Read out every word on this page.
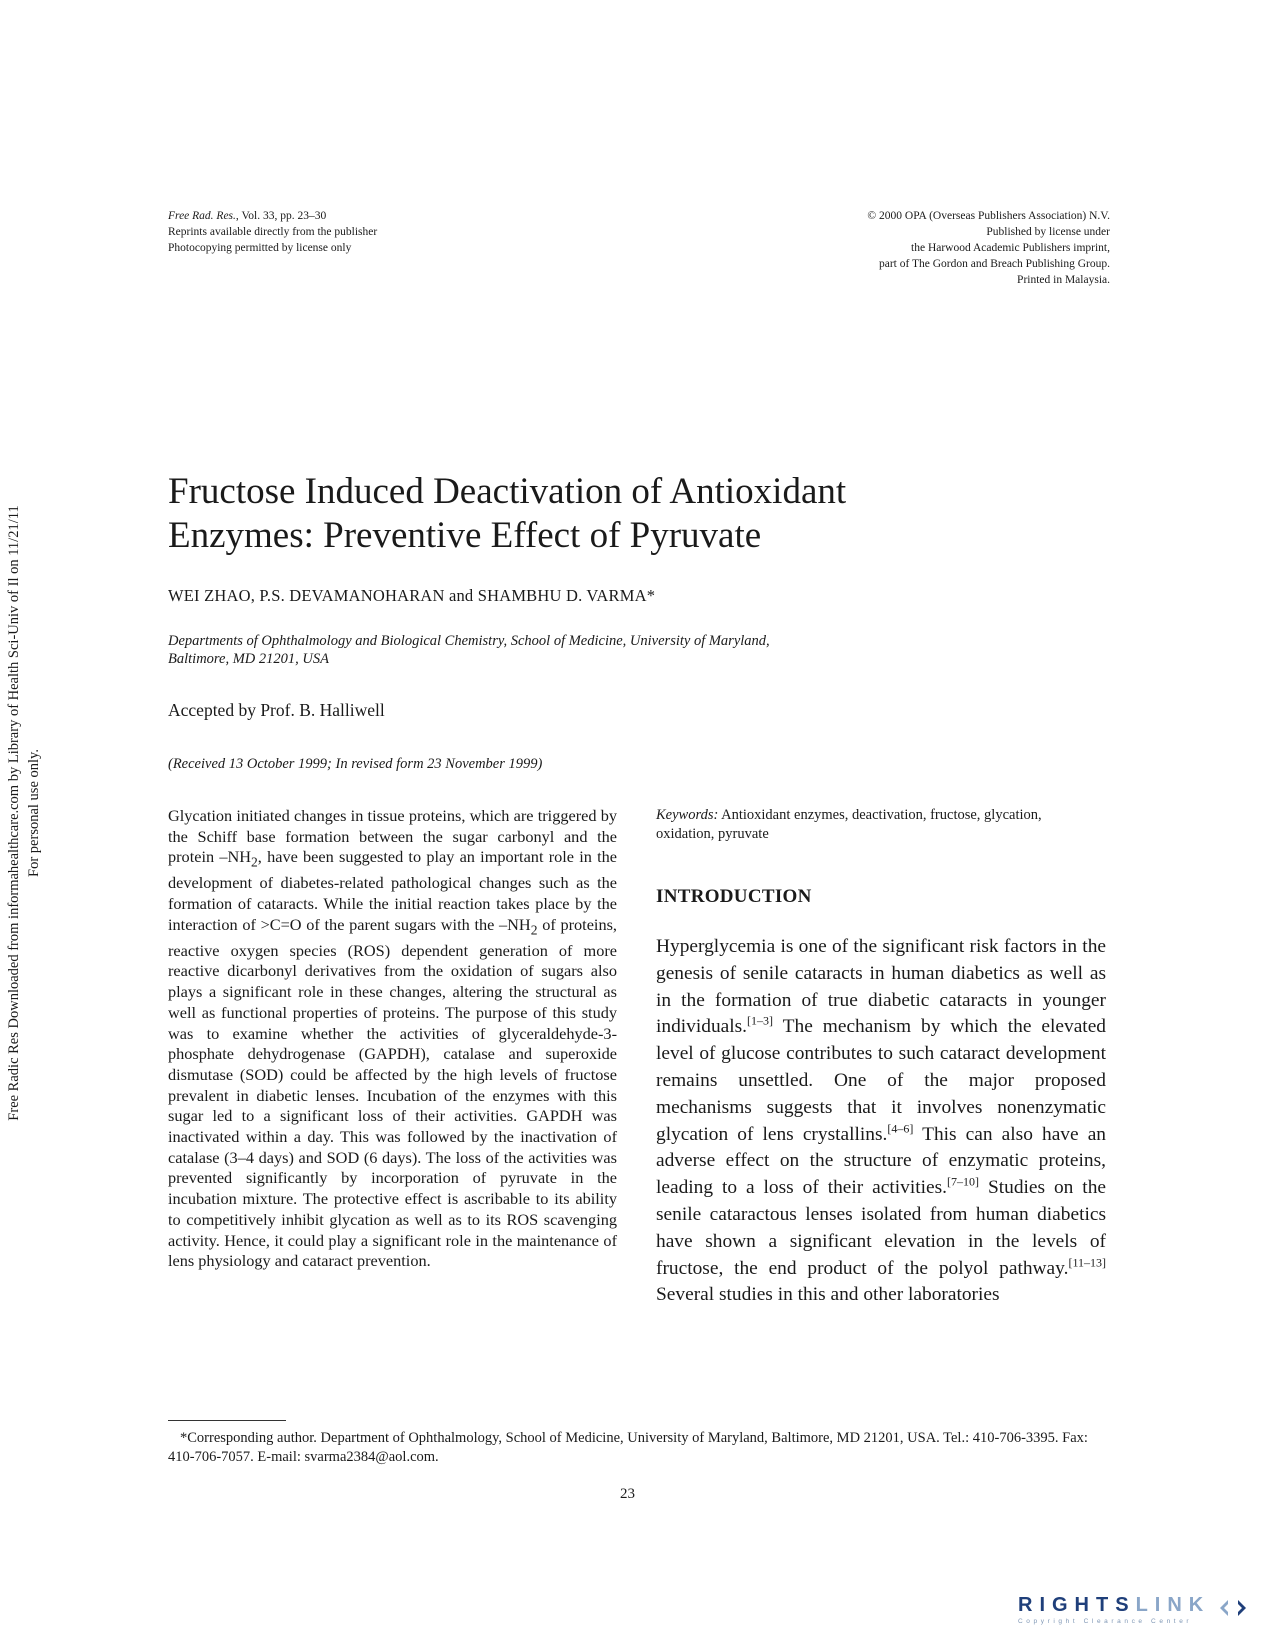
Free Rad. Res., Vol. 33, pp. 23–30
Reprints available directly from the publisher
Photocopying permitted by license only
© 2000 OPA (Overseas Publishers Association) N.V.
Published by license under
the Harwood Academic Publishers imprint,
part of The Gordon and Breach Publishing Group.
Printed in Malaysia.
Free Radic Res Downloaded from informahealthcare.com by Library of Health Sci-Univ of Il on 11/21/11 For personal use only.
Fructose Induced Deactivation of Antioxidant
Enzymes: Preventive Effect of Pyruvate
WEI ZHAO, P.S. DEVAMANOHARAN and SHAMBHU D. VARMA*
Departments of Ophthalmology and Biological Chemistry, School of Medicine, University of Maryland,
Baltimore, MD 21201, USA
Accepted by Prof. B. Halliwell
(Received 13 October 1999; In revised form 23 November 1999)
Glycation initiated changes in tissue proteins, which are triggered by the Schiff base formation between the sugar carbonyl and the protein $-NH_2$, have been suggested to play an important role in the development of diabetes-related pathological changes such as the formation of cataracts. While the initial reaction takes place by the interaction of >C=O of the parent sugars with the $-NH_2$ of proteins, reactive oxygen species (ROS) dependent generation of more reactive dicarbonyl derivatives from the oxidation of sugars also plays a significant role in these changes, altering the structural as well as functional properties of proteins. The purpose of this study was to examine whether the activities of glyceraldehyde-3-phosphate dehydrogenase (GAPDH), catalase and superoxide dismutase (SOD) could be affected by the high levels of fructose prevalent in diabetic lenses. Incubation of the enzymes with this sugar led to a significant loss of their activities. GAPDH was inactivated within a day. This was followed by the inactivation of catalase (3–4 days) and SOD (6 days). The loss of the activities was prevented significantly by incorporation of pyruvate in the incubation mixture. The protective effect is ascribable to its ability to competitively inhibit glycation as well as to its ROS scavenging activity. Hence, it could play a significant role in the maintenance of lens physiology and cataract prevention.
Keywords: Antioxidant enzymes, deactivation, fructose, glycation, oxidation, pyruvate
INTRODUCTION
Hyperglycemia is one of the significant risk factors in the genesis of senile cataracts in human diabetics as well as in the formation of true diabetic cataracts in younger individuals.[1–3] The mechanism by which the elevated level of glucose contributes to such cataract development remains unsettled. One of the major proposed mechanisms suggests that it involves nonenzymatic glycation of lens crystallins.[4–6] This can also have an adverse effect on the structure of enzymatic proteins, leading to a loss of their activities.[7–10] Studies on the senile cataractous lenses isolated from human diabetics have shown a significant elevation in the levels of fructose, the end product of the polyol pathway.[11–13] Several studies in this and other laboratories
*Corresponding author. Department of Ophthalmology, School of Medicine, University of Maryland, Baltimore, MD 21201, USA. Tel.: 410-706-3395. Fax: 410-706-7057. E-mail: svarma2384@aol.com.
23
RIGHTSLINK
Copyright Clearance Center
